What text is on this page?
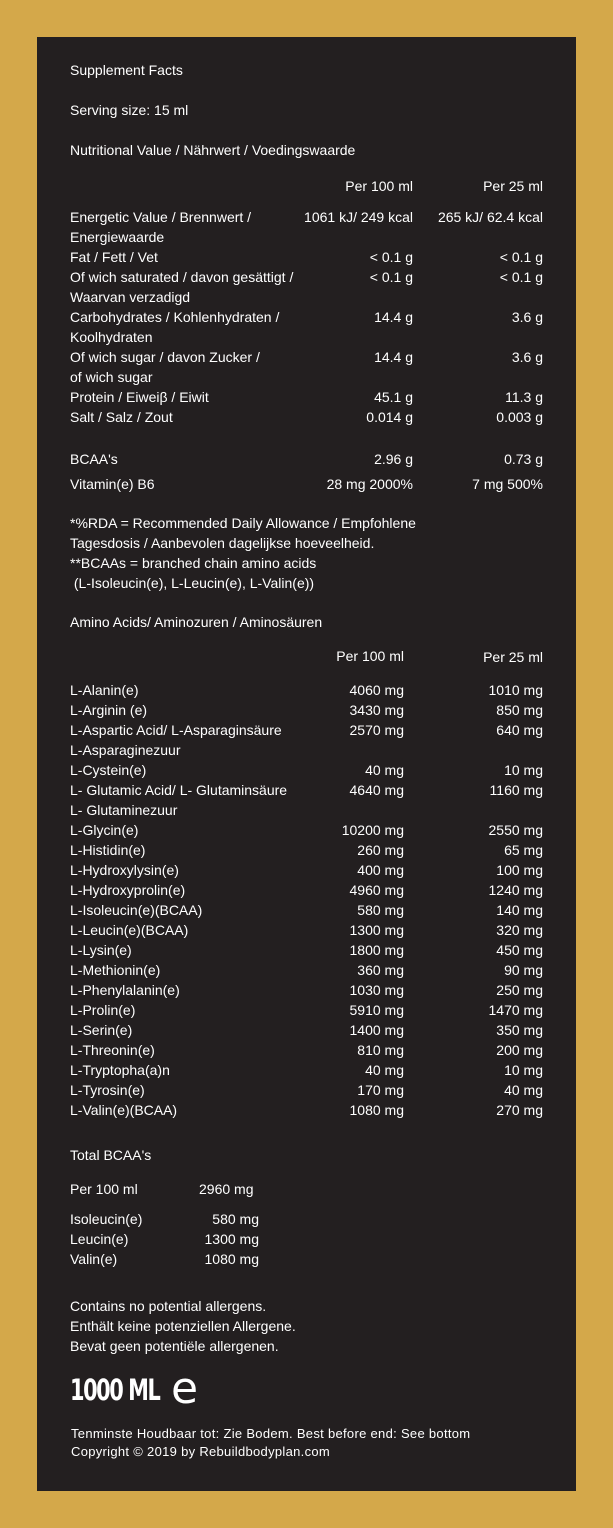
Supplement Facts
Serving size: 15 ml
Nutritional Value / Nährwert / Voedingswaarde
Per 100 ml	Per 25 ml
Energetic Value / Brennwert /	1061 kJ/ 249 kcal 265 kJ/ 62.4 kcal
Energiewaarde
Fat / Fett / Vet	< 0.1 g	< 0.1 g
Of wich saturated / davon gesättigt /	< 0.1 g	< 0.1 g
Waarvan verzadigd
Carbohydrates / Kohlenhydraten /	14.4 g	3.6 g
Koolhydraten
Of wich sugar / davon Zucker /	14.4 g	3.6 g
of wich sugar
Protein / Eiweiβ / Eiwit	45.1 g	11.3 g
Salt / Salz / Zout	0.014 g	0.003 g
BCAA's	2.96 g	0.73 g
Vitamin(e) B6	28 mg 2000%	7 mg 500%
*%RDA = Recommended Daily Allowance / Empfohlene
Tagesdosis / Aanbevolen dagelijkse hoeveelheid.
**BCAAs = branched chain amino acids
(L-Isoleucin(e), L-Leucin(e), L-Valin(e))
Amino Acids/ Aminozuren / Aminosäuren
Per 100 ml	Per 25 ml
L-Alanin(e)	4060 mg	1010 mg
L-Arginin (e)	3430 mg	850 mg
L-Aspartic Acid/ L-Asparaginsäure	2570 mg	640 mg
L-Asparaginezuur
L-Cystein(e)	40 mg	10 mg
L- Glutamic Acid/ L- Glutaminsäure	4640 mg	1160 mg
L- Glutaminezuur
L-Glycin(e)	10200 mg	2550 mg
L-Histidin(e)	260 mg	65 mg
L-Hydroxylysin(e)	400 mg	100 mg
L-Hydroxyprolin(e)	4960 mg	1240 mg
L-Isoleucin(e)(BCAA)	580 mg	140 mg
L-Leucin(e)(BCAA)	1300 mg	320 mg
L-Lysin(e)	1800 mg	450 mg
L-Methionin(e)	360 mg	90 mg
L-Phenylalanin(e)	1030 mg	250 mg
L-Prolin(e)	5910 mg	1470 mg
L-Serin(e)	1400 mg	350 mg
L-Threonin(e)	810 mg	200 mg
L-Tryptopha(a)n	40 mg	10 mg
L-Tyrosin(e)	170 mg	40 mg
L-Valin(e)(BCAA)	1080 mg	270 mg
Total BCAA's
Per 100 ml	2960 mg
Isoleucin(e)	580 mg
Leucin(e)	1300 mg
Valin(e)	1080 mg
Contains no potential allergens.
Enthält keine potenziellen Allergene.
Bevat geen potentiële allergenen.
1000 ML e
Tenminste Houdbaar tot: Zie Bodem. Best before end: See bottom
Copyright © 2019 by Rebuildbodyplan.com
